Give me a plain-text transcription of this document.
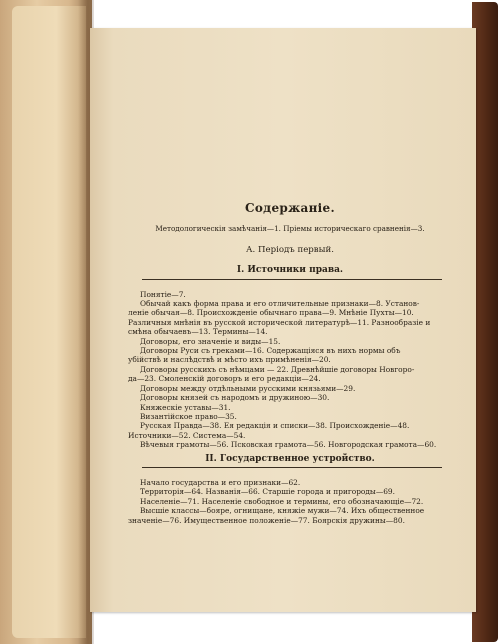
Содержаніе.
Методологическія замѣчанія—1. Пріемы историческаго сравненія—3.
А. Періодъ первый.
I. Источники права.
Понятіе—7.
Обычай какъ форма права и его отличительные признаки—8. Установ-
леніе обычая—8. Происхожденіе обычнаго права—9. Мнѣніе Пухты—10.
Различныя мнѣнія въ русской исторической литературѣ—11. Разнообразіе и
смѣна обычаевъ—13. Термины—14.
Договоры, его значеніе и виды—15.
Договоры Руси съ греками—16. Содержащіяся въ нихъ нормы объ
убійствѣ и наслѣдствѣ и мѣсто ихъ примѣненія—20.
Договоры русскихъ съ нѣмцами — 22. Древнѣйшіе договоры Новгоро-
да—23. Смоленскій договоръ и его редакціи—24.
Договоры между отдѣльными русскими князьями—29.
Договоры князей съ народомъ и дружиною—30.
Княжескіе уставы—31.
Византійское право—35.
Русская Правда—38. Ея редакція и списки—38. Происхожденіе—48.
Источники—52. Система—54.
Вѣчевыя грамоты—56. Псковская грамота—56. Новгородская грамота—60.
II. Государственное устройство.
Начало государства и его признаки—62.
Территорія—64. Названія—66. Старшіе города и пригороды—69.
Населеніе—71. Населеніе свободное и термины, его обозначающіе—72.
Высшіе классы—бояре, огнищане, княжіе мужи—74. Ихъ общественное
значеніе—76. Имущественное положеніе—77. Боярскія дружины—80.
